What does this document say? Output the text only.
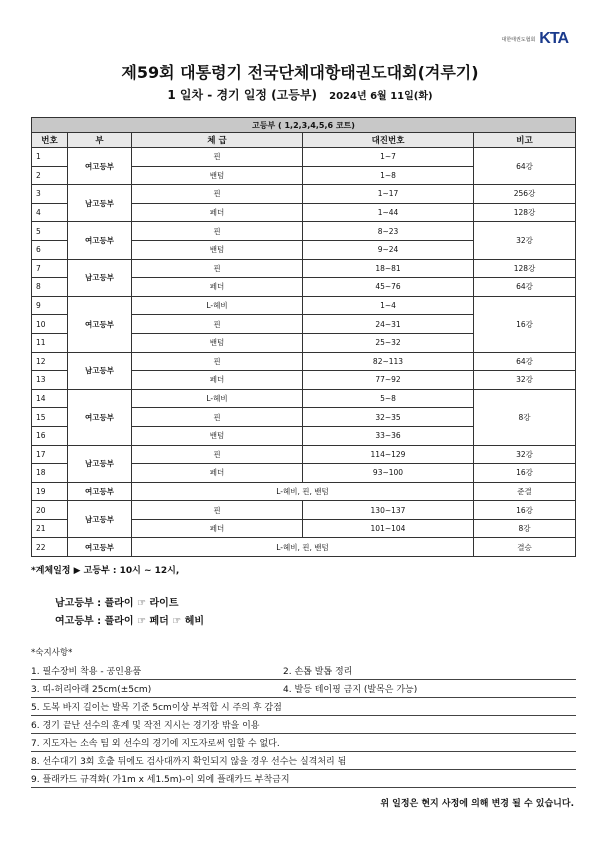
대한태권도협회 KTA
제59회 대통령기 전국단체대항태권도대회(겨루기)
1 일차 - 경기 일정 (고등부) 2024년 6월 11일(화)
고등부 ( 1,2,3,4,5,6 코트)				
번호	부	체 급	대진번호	비고
1	여고등부	핀	1~7	64강
2		밴텀	1~8	
3	남고등부	핀	1~17	256강
4		페더	1~44	128강
5	여고등부	핀	8~23	32강
6		밴텀	9~24	
7	남고등부	핀	18~81	128강
8		페더	45~76	64강
9	여고등부	L-헤비	1~4	16강
10		핀	24~31	
11		밴텀	25~32	
12	남고등부	핀	82~113	64강
13		페더	77~92	32강
14	여고등부	L-헤비	5~8	8강
15		핀	32~35	
16		밴텀	33~36	
17	남고등부	핀	114~129	32강
18		페더	93~100	16강
19	여고등부	L-헤비, 핀, 밴텀		준결
20	남고등부	핀	130~137	16강
21		페더	101~104	8강
22	여고등부	L-헤비, 핀, 밴텀		결승
*계체일정 ▶ 고등부 : 10시 ~ 12시,
남고등부 : 플라이 ☞ 라이트
여고등부 : 플라이 ☞ 페더 ☞ 헤비
*숙지사항*
1. 필수장비 착용 - 공인용품	2. 손톱 발톱 정리
3. 띠-허리아래 25cm(±5cm)	4. 발등 테이핑 금지 (발목은 가능)
5. 도복 바지 길이는 발목 기준 5cm이상 부적합 시 주의 후 감점	
6. 경기 끝난 선수의 훈계 및 작전 지시는 경기장 밖을 이용	
7. 지도자는 소속 팀 외 선수의 경기에 지도자로써 임할 수 없다.	
8. 선수대기 3회 호출 뒤에도 검사대까지 확인되지 않을 경우 선수는 실격처리 됨	
9. 플래카드 규격화( 가1m x 세1.5m)-이 외에 플래카드 부착금지	
위 일정은 현지 사정에 의해 변경 될 수 있습니다.
